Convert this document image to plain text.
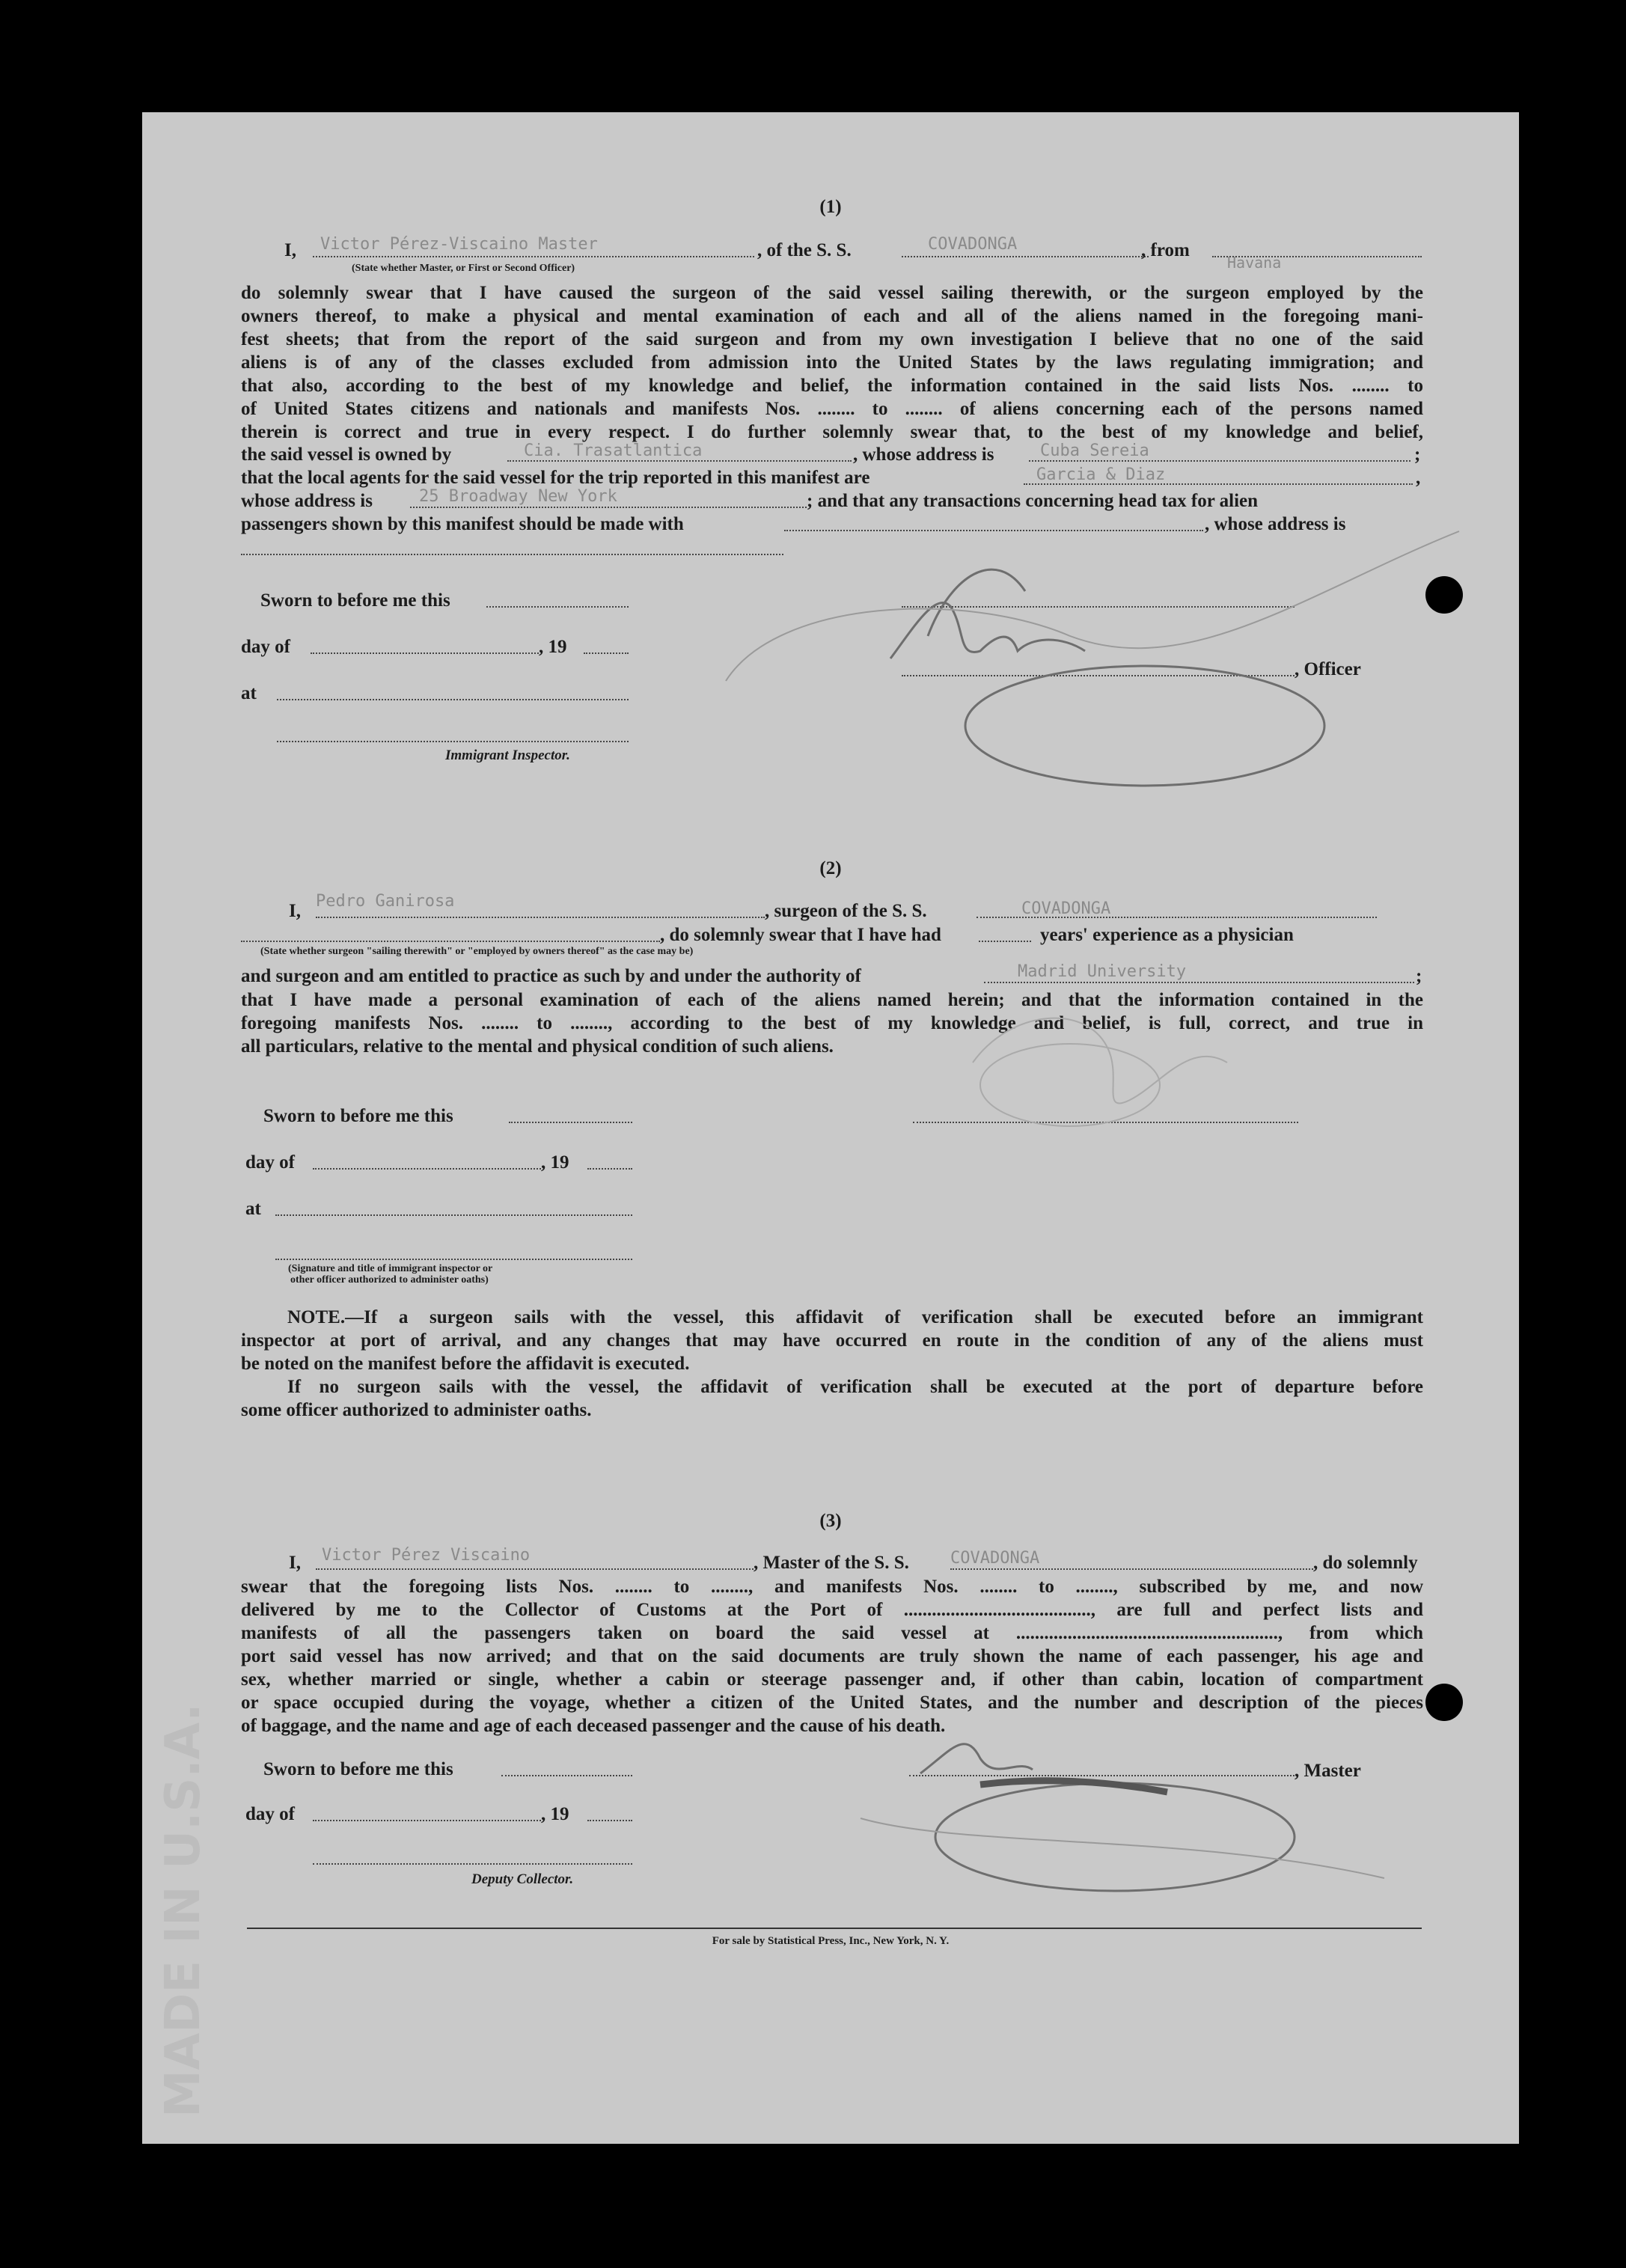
MADE IN U.S.A.
(1)
I, Victor Pérez-Viscaino Master	, of the S. S.	COVADONGA	, from
Havana
(State whether Master, or First or Second Officer)
do solemnly swear that I have caused the surgeon of the said vessel sailing therewith, or the surgeon employed by the
owners thereof, to make a physical and mental examination of each and all of the aliens named in the foregoing mani-
fest sheets; that from the report of the said surgeon and from my own investigation I believe that no one of the said
aliens is of any of the classes excluded from admission into the United States by the laws regulating immigration; and
that also, according to the best of my knowledge and belief, the information contained in the said lists Nos. ........ to
of United States citizens and nationals and manifests Nos. ........ to ........ of aliens concerning each of the persons named
therein is correct and true in every respect. I do further solemnly swear that, to the best of my knowledge and belief,
the said vessel is owned by	Cia. Trasatlantica	, whose address is	Cuba Sereia	;
that the local agents for the said vessel for the trip reported in this manifest are	Garcia & Diaz	,
whose address is	25 Broadway New York	; and that any transactions concerning head tax for alien
passengers shown by this manifest should be made with	, whose address is
Sworn to before me this
day of	, 19
at
Immigrant Inspector.
, Officer
(2)
I, Pedro Ganirosa	, surgeon of the S. S.	COVADONGA
, do solemnly swear that I have had	years' experience as a physician
(State whether surgeon "sailing therewith" or "employed by owners thereof" as the case may be)
and surgeon and am entitled to practice as such by and under the authority of	Madrid University	;
that I have made a personal examination of each of the aliens named herein; and that the information contained in the
foregoing manifests Nos. ........ to ........, according to the best of my knowledge and belief, is full, correct, and true in
all particulars, relative to the mental and physical condition of such aliens.
Sworn to before me this
day of	, 19
at
(Signature and title of immigrant inspector or
other officer authorized to administer oaths)
NOTE.—If a surgeon sails with the vessel, this affidavit of verification shall be executed before an immigrant
inspector at port of arrival, and any changes that may have occurred en route in the condition of any of the aliens must
be noted on the manifest before the affidavit is executed.
If no surgeon sails with the vessel, the affidavit of verification shall be executed at the port of departure before
some officer authorized to administer oaths.
(3)
I, Victor Pérez Viscaino	, Master of the S. S.	COVADONGA	, do solemnly
swear that the foregoing lists Nos. ........ to ........, and manifests Nos. ........ to ........, subscribed by me, and now
delivered by me to the Collector of Customs at the Port of ........................................, are full and perfect lists and
manifests of all the passengers taken on board the said vessel at ........................................................, from which
port said vessel has now arrived; and that on the said documents are truly shown the name of each passenger, his age and
sex, whether married or single, whether a cabin or steerage passenger and, if other than cabin, location of compartment
or space occupied during the voyage, whether a citizen of the United States, and the number and description of the pieces
of baggage, and the name and age of each deceased passenger and the cause of his death.
Sworn to before me this
day of	, 19
Deputy Collector.
, Master
For sale by Statistical Press, Inc., New York, N. Y.
